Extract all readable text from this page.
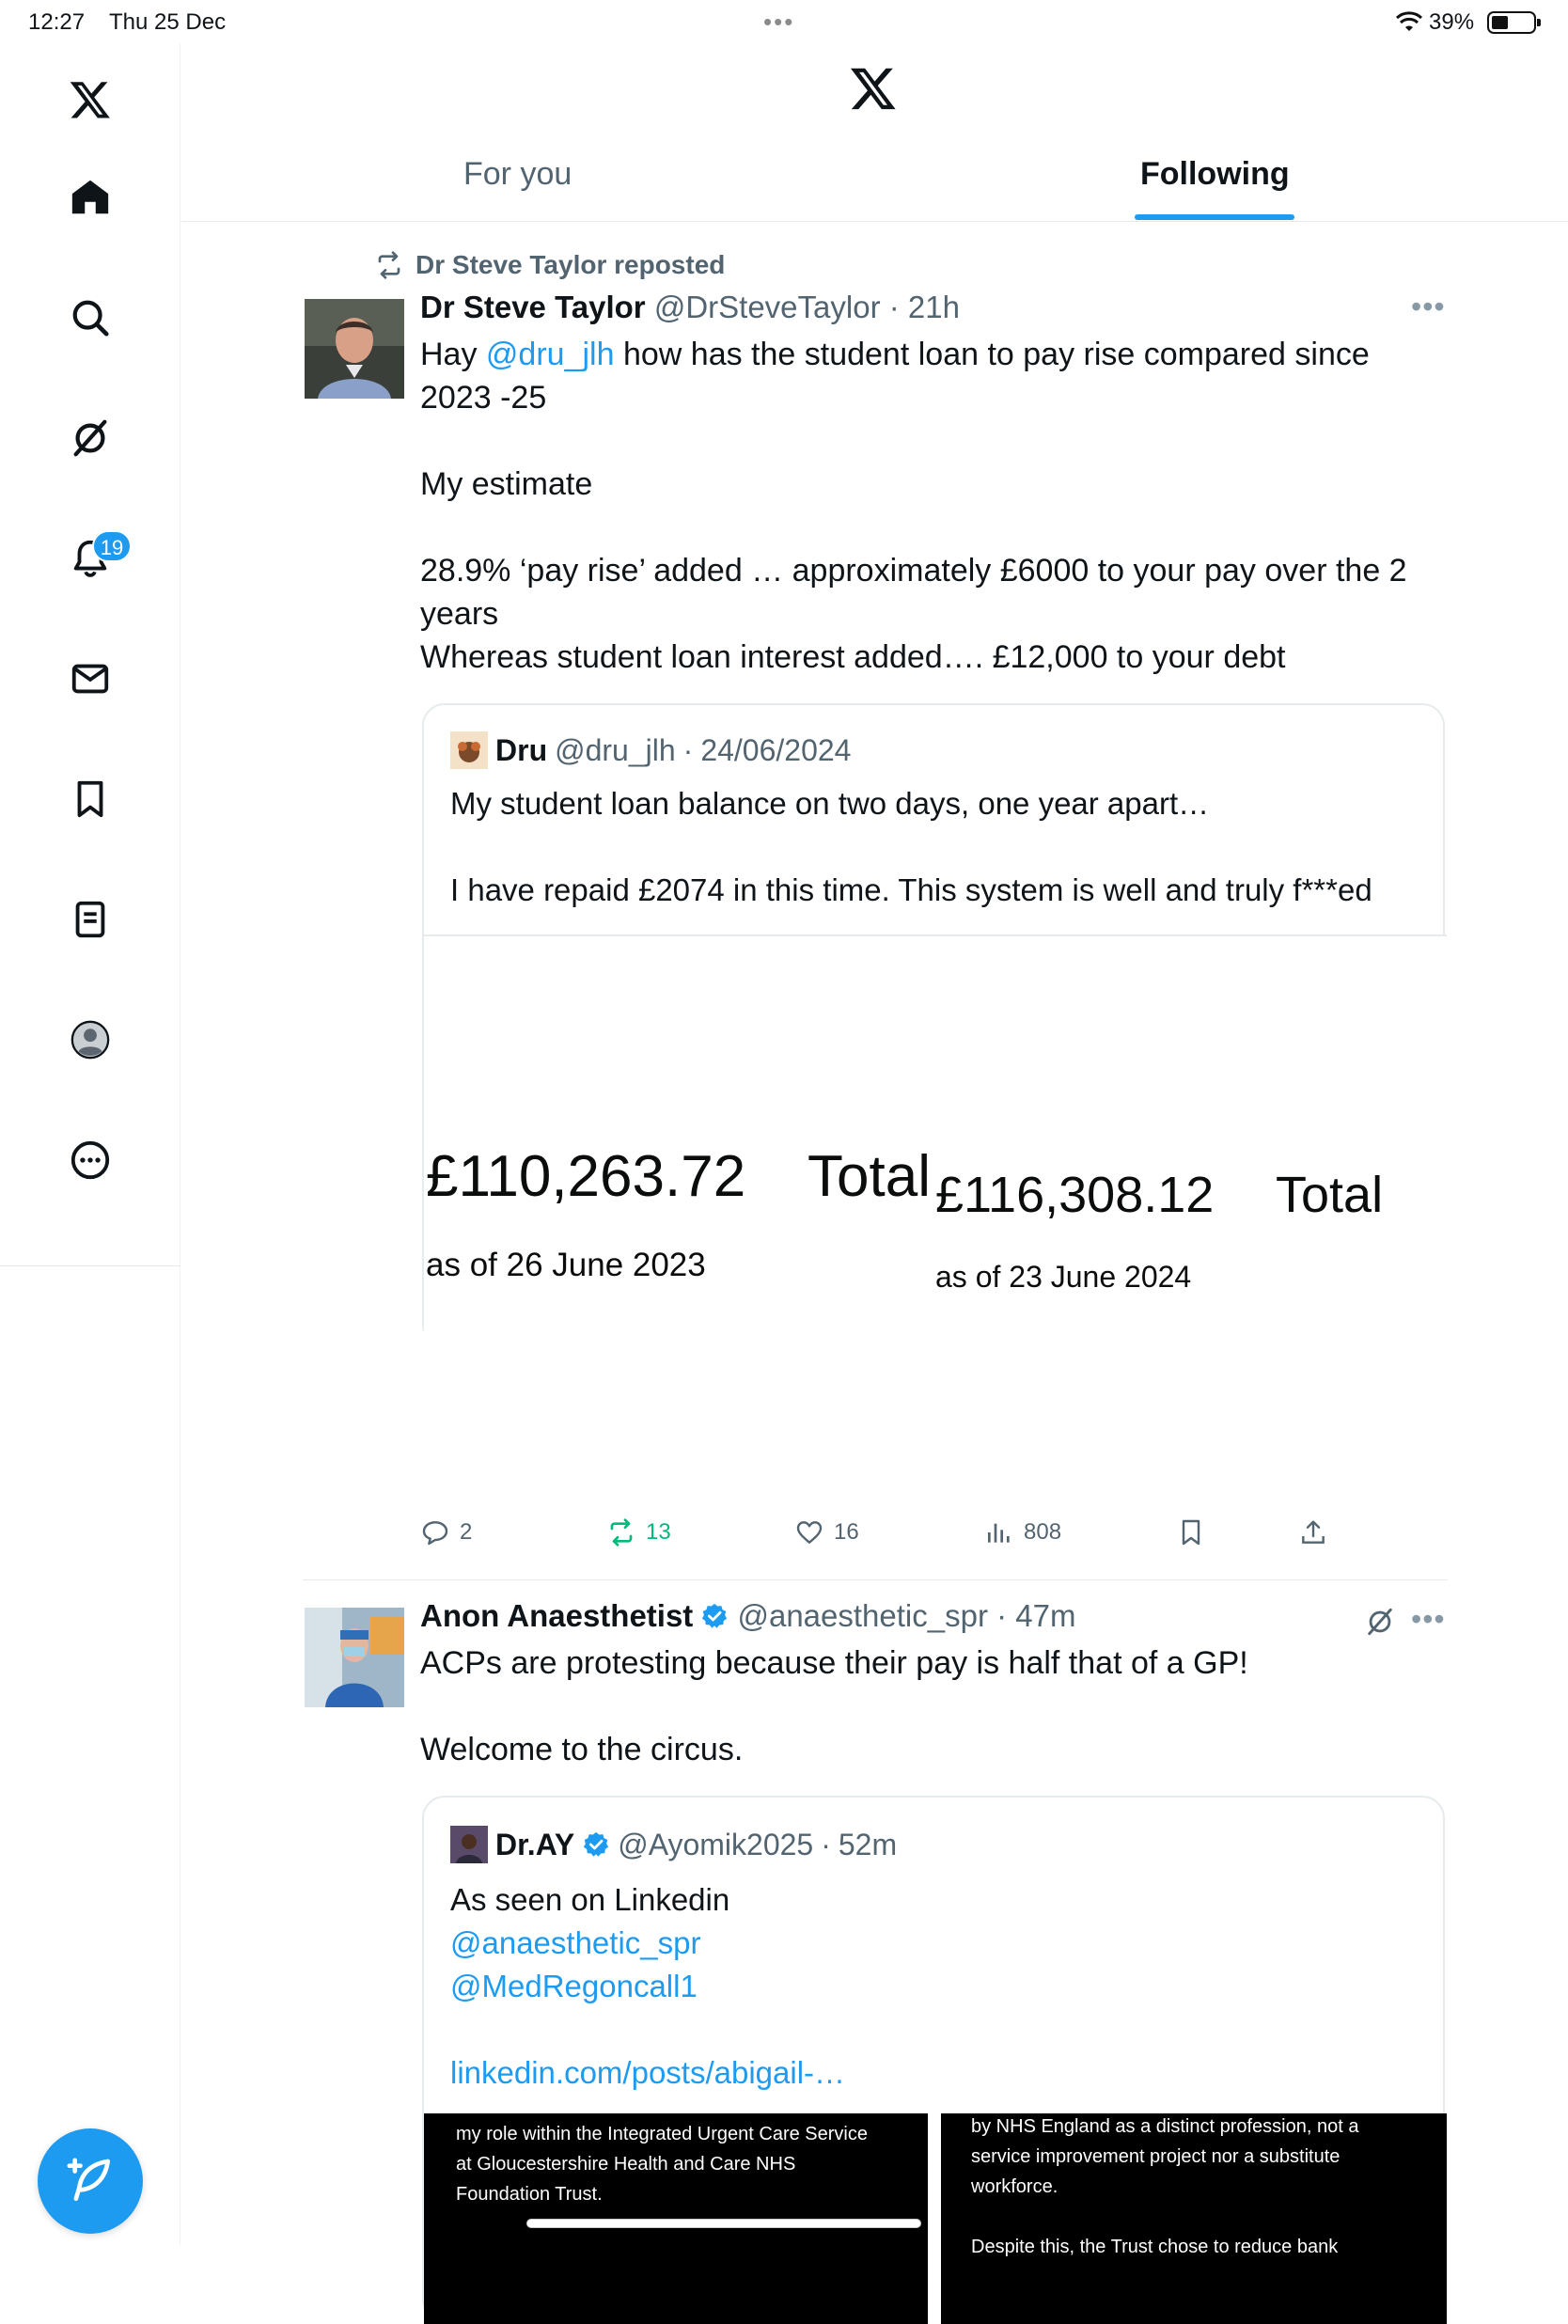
12:27 Thu 25 Dec	•••	39%
19
For you	Following
Dr Steve Taylor reposted
Dr Steve Taylor @DrSteveTaylor · 21h	•••
Hay @dru_jlh how has the student loan to pay rise compared since
2023 -25

My estimate

28.9% ‘pay rise’ added … approximately £6000 to your pay over the 2
years
Whereas student loan interest added…. £12,000 to your debt
Dru @dru_jlh · 24/06/2024
My student loan balance on two days, one year apart…

I have repaid £2074 in this time. This system is well and truly f***ed
£110,263.72 Total
as of 26 June 2023
£116,308.12 Total
as of 23 June 2024
2	13	16	808
Anon Anaesthetist @anaesthetic_spr · 47m	•••
ACPs are protesting because their pay is half that of a GP!

Welcome to the circus.
Dr.AY @Ayomik2025 · 52m
As seen on Linkedin
@anaesthetic_spr
@MedRegoncall1

linkedin.com/posts/abigail-…
my role within the Integrated Urgent Care Service
at Gloucestershire Health and Care NHS
Foundation Trust.
by NHS England as a distinct profession, not a
service improvement project nor a substitute
workforce.

Despite this, the Trust chose to reduce bank
